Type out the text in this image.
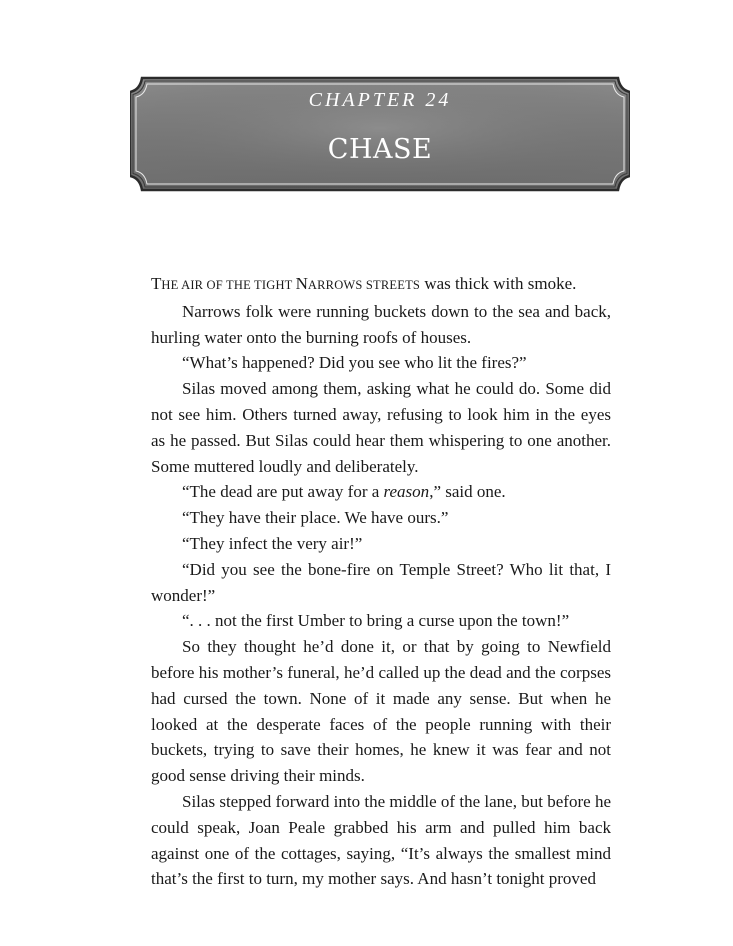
CHAPTER 24
CHASE

THE AIR OF THE TIGHT NARROWS STREETS was thick with smoke.

Narrows folk were running buckets down to the sea and back, hurling water onto the burning roofs of houses.

“What’s happened? Did you see who lit the fires?”

Silas moved among them, asking what he could do. Some did not see him. Others turned away, refusing to look him in the eyes as he passed. But Silas could hear them whispering to one another. Some muttered loudly and deliberately.

“The dead are put away for a reason,” said one.

“They have their place. We have ours.”

“They infect the very air!”

“Did you see the bone-fire on Temple Street? Who lit that, I wonder!”

“. . . not the first Umber to bring a curse upon the town!”

So they thought he’d done it, or that by going to Newfield before his mother’s funeral, he’d called up the dead and the corpses had cursed the town. None of it made any sense. But when he looked at the desperate faces of the people running with their buckets, trying to save their homes, he knew it was fear and not good sense driving their minds.

Silas stepped forward into the middle of the lane, but before he could speak, Joan Peale grabbed his arm and pulled him back against one of the cottages, saying, “It’s always the smallest mind that’s the first to turn, my mother says. And hasn’t tonight proved
